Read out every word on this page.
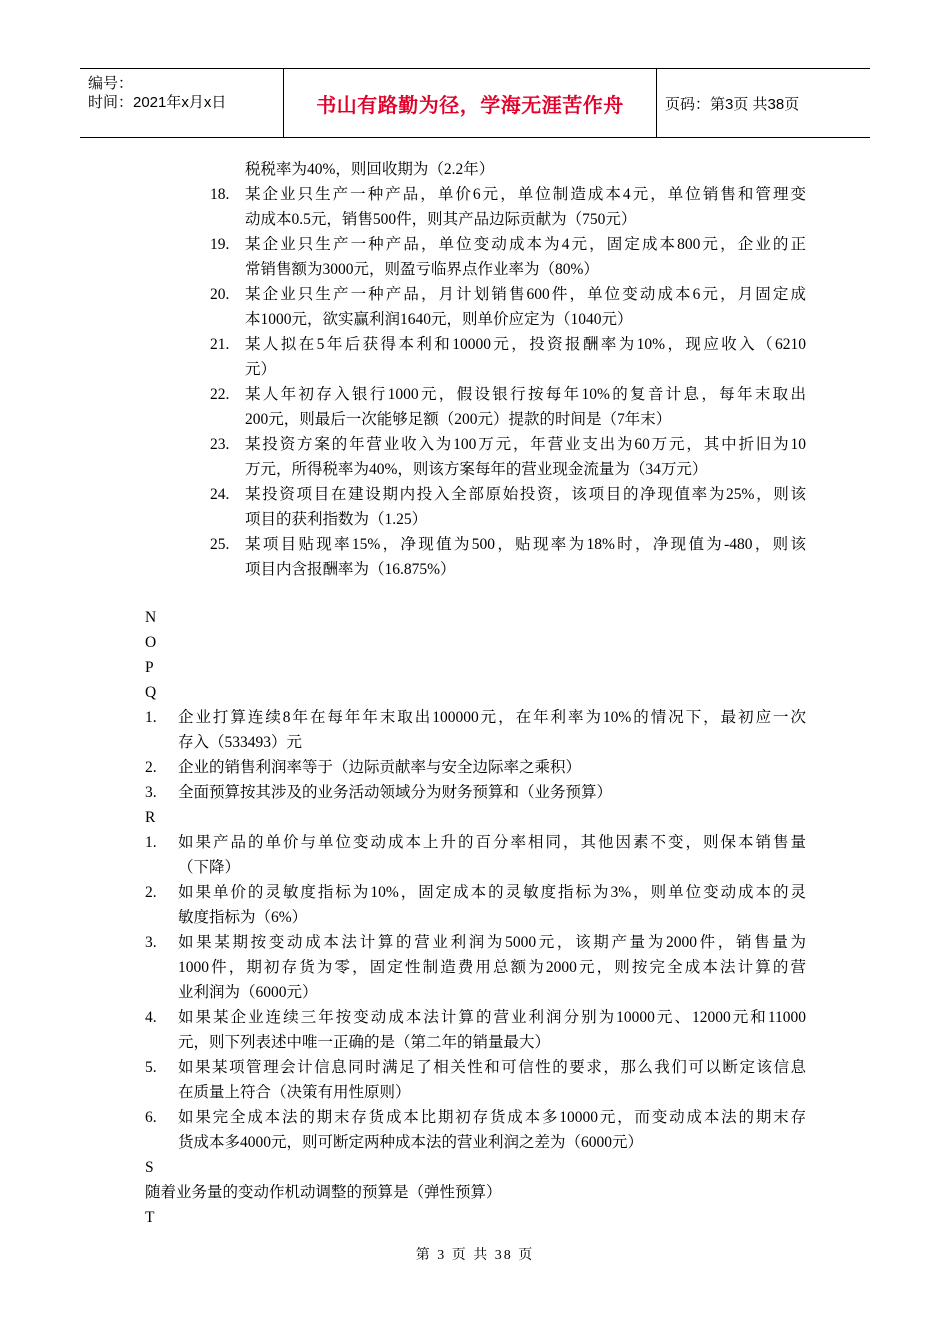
编号：
时间：2021年x月x日	书山有路勤为径，学海无涯苦作舟	页码：第3页 共38页
税税率为40%，则回收期为（2.2年）
18. 某企业只生产一种产品，单价6元，单位制造成本4元，单位销售和管理变
动成本0.5元，销售500件，则其产品边际贡献为（750元）
19. 某企业只生产一种产品，单位变动成本为4元，固定成本800元，企业的正
常销售额为3000元，则盈亏临界点作业率为（80%）
20. 某企业只生产一种产品，月计划销售600件，单位变动成本6元，月固定成
本1000元，欲实赢利润1640元，则单价应定为（1040元）
21. 某人拟在5年后获得本利和10000元，投资报酬率为10%，现应收入（6210
元）
22. 某人年初存入银行1000元，假设银行按每年10%的复音计息，每年末取出
200元，则最后一次能够足额（200元）提款的时间是（7年末）
23. 某投资方案的年营业收入为100万元，年营业支出为60万元，其中折旧为10
万元，所得税率为40%，则该方案每年的营业现金流量为（34万元）
24. 某投资项目在建设期内投入全部原始投资，该项目的净现值率为25%，则该
项目的获利指数为（1.25）
25. 某项目贴现率15%，净现值为500，贴现率为18%时，净现值为-480，则该
项目内含报酬率为（16.875%）
N
O
P
Q
1. 企业打算连续8年在每年年末取出100000元，在年利率为10%的情况下，最初应一次
存入（533493）元
2. 企业的销售利润率等于（边际贡献率与安全边际率之乘积）
3. 全面预算按其涉及的业务活动领域分为财务预算和（业务预算）
R
1. 如果产品的单价与单位变动成本上升的百分率相同，其他因素不变，则保本销售量
（下降）
2. 如果单价的灵敏度指标为10%，固定成本的灵敏度指标为3%，则单位变动成本的灵
敏度指标为（6%）
3. 如果某期按变动成本法计算的营业利润为5000元，该期产量为2000件，销售量为
1000件，期初存货为零，固定性制造费用总额为2000元，则按完全成本法计算的营
业利润为（6000元）
4. 如果某企业连续三年按变动成本法计算的营业利润分别为10000元、12000元和11000
元，则下列表述中唯一正确的是（第二年的销量最大）
5. 如果某项管理会计信息同时满足了相关性和可信性的要求，那么我们可以断定该信息
在质量上符合（决策有用性原则）
6. 如果完全成本法的期末存货成本比期初存货成本多10000元，而变动成本法的期末存
货成本多4000元，则可断定两种成本法的营业利润之差为（6000元）
S
随着业务量的变动作机动调整的预算是（弹性预算）
T
第 3 页 共 38 页
